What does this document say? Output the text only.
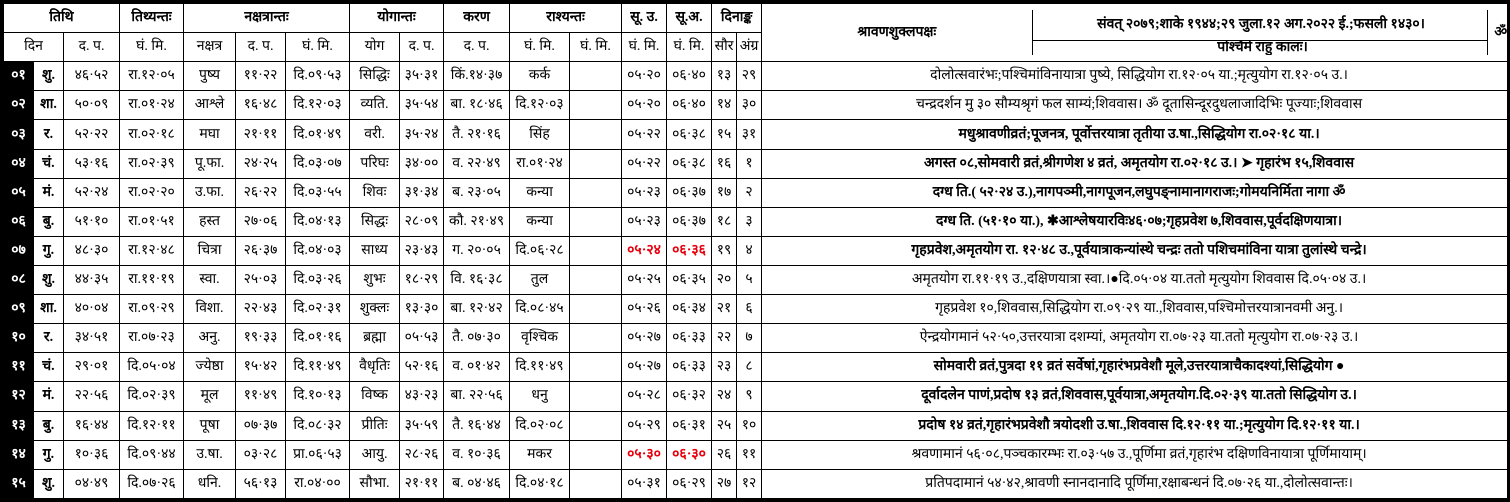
तिथि	तिथ्यन्तः	नक्षत्रान्तः	योगान्तः	करण	राश्यन्तः	सू. उ.	सू.अ.	दिनाङ्क	
श्रावणशुक्लपक्षः	संवत् २०७९;शाके १९४४;२९ जुला.१२ अग.२०२२ ई.;फसली १४३०।	ॐ
पश्चिमे राहु कालः।

दिन	द. प.	घं. मि.	नक्षत्र	द. प.	घं. मि.	योग	द. प.	द. प.	घं. मि.	घं. मि.	घं. मि.	घं. मि.	सौर	अंग्र
०१	शु.	४६·५२	रा.१२·०५	पुष्य	११·२२	दि.०९·५३	सिद्धिः	३५·३१	किं.१४·३७	कर्क		०५·२०	०६·४०	१३	२९	दोलोत्सवारंभः;पश्चिमांविनायात्रा पुष्ये, सिद्धियोग रा.१२·०५ या.;मृत्युयोग रा.१२·०५ उ.।
०२	शा.	५०·०९	रा.०१·२४	आश्ले	१६·४८	दि.१२·०३	व्यति.	३५·५४	बा. १८·४६	दि.१२·०३		०५·२०	०६·४०	१४	३०	चन्द्रदर्शन मु ३० सौम्यश्रृगं फल साम्यं;शिववास। ॐ दूतासिन्दूरदुधलाजादिभिः पूज्याः;शिववास
०३	र.	५२·२२	रा.०२·१८	मघा	२१·११	दि.०१·४९	वरी.	३५·२४	तै. २१·१६	सिंह		०५·२२	०६·३८	१५	३१	मधुश्रावणीव्रतं;पूजनत्र, पूर्वोत्तरयात्रा तृतीया उ.षा.,सिद्धियोग रा.०२·१८ या.।
०४	चं.	५३·१६	रा.०२·३९	पू.फा.	२४·२५	दि.०३·०७	परिघः	३४·००	व. २२·४९	रा.०१·२४		०५·२२	०६·३८	१६	१	अगस्त ०८,सोमवारी व्रतं,श्रीगणेश ४ व्रतं, अमृतयोग रा.०२·१८ उ.। ➤ गृहारंभ १५,शिववास
०५	मं.	५२·२४	रा.०२·२०	उ.फा.	२६·२२	दि.०३·५५	शिवः	३१·३४	ब. २३·०५	कन्या		०५·२३	०६·३७	१७	२	दग्ध ति.( ५२·२४ उ.),नागपञ्मी,नागपूजन,लघुपङ्नामानागराजः;गोमयनिर्मिता नागा ॐ
०६	बु.	५१·१०	रा.०१·५१	हस्त	२७·०६	दि.०४·१३	सिद्धः	२८·०९	कौ. २१·४९	कन्या		०५·२३	०६·३७	१८	३	दग्ध ति. (५१·१० या.), ✱आश्लेषयारविः४६·०७;गृहप्रवेश ७,शिववास,पूर्वदक्षिणयात्रा।
०७	गु.	४८·३०	रा.१२·४८	चित्रा	२६·३७	दि.०४·०३	साध्य	२३·४३	ग. २०·०५	दि.०६·२८		०५·२४	०६·३६	१९	४	गृहप्रवेश,अमृतयोग रा. १२·४८ उ.,पूर्वयात्राकन्यांस्थे चन्द्रः ततो पशिचमांविना यात्रा तुलांस्थे चन्द्रे।
०८	शु.	४४·३५	रा.११·१९	स्वा.	२५·०३	दि.०३·२६	शुभः	१८·२९	वि. १६·३८	तुल		०५·२५	०६·३५	२०	५	अमृतयोग रा.११·१९ उ.,दक्षिणयात्रा स्वा.।●दि.०५·०४ या.ततो मृत्युयोग शिववास दि.०५·०४ उ.।
०९	शा.	४०·०४	रा.०९·२९	विशा.	२२·४३	दि.०२·३१	शुक्लः	१३·३०	बा. १२·४२	दि.०८·४५		०५·२६	०६·३४	२१	६	गृहप्रवेश १०,शिववास,सिद्धियोग रा.०९·२९ या.,शिववास,पश्चिमोत्तरयात्रानवमी अनु.।
१०	र.	३४·५१	रा.०७·२३	अनु.	१९·३३	दि.०१·१६	ब्रह्मा	०५·५३	तै. ०७·३०	वृश्चिक		०५·२७	०६·३३	२२	७	ऐन्द्रयोगमानं ५२·५०,उत्तरयात्रा दशम्यां, अमृतयोग रा.०७·२३ या.ततो मृत्युयोग रा.०७·२३ उ.।
११	चं.	२९·०१	दि.०५·०४	ज्येष्ठा	१५·४२	दि.११·४९	वैधृतिः	५२·१६	व. ०१·४२	दि.११·४९		०५·२७	०६·३३	२३	८	सोमवारी व्रतं,पुत्रदा ११ व्रतं सर्वेषां,गृहारंभप्रवेशौ मूले,उत्तरयात्राचैकादश्यां,सिद्धियोग ●
१२	मं.	२२·५६	दि.०२·३९	मूल	११·४९	दि.१०·१३	विष्क	४३·२३	बा. २२·५६	धनु		०५·२८	०६·३२	२४	९	दूर्वादलेन पाणं,प्रदोष १३ व्रतं,शिववास,पूर्वयात्रा,अमृतयोग.दि.०२·३९ या.ततो सिद्धियोग उ.।
१३	बु.	१६·४४	दि.१२·११	पूषा	०७·३७	दि.०८·३२	प्रीतिः	३५·५९	तै. १६·४४	दि.०२·०८		०५·२९	०६·३१	२५	१०	प्रदोष १४ व्रतं,गृहारंभप्रवेशौ त्रयोदशी उ.षा.,शिववास दि.१२·११ या.;मृत्युयोग दि.१२·११ या.।
१४	गु.	१०·३६	दि.०९·४४	उ.षा.	०३·२८	प्रा.०६·५३	आयु.	२८·२६	व. १०·३६	मकर		०५·३०	०६·३०	२६	११	श्रवणामानं ५६·०८,पञ्चकारम्भः रा.०३·५७ उ.,पूर्णिमा व्रतं,गृहारंभ दक्षिणविनायात्रा पूर्णिमायाम्।
१५	शु.	०४·४९	दि.०७·२६	धनि.	५६·१३	रा.०४·००	सौभा.	२१·११	ब. ०४·४६	दि.०४·१८		०५·३१	०६·२९	२७	१२	प्रतिपदामानं ५४·४२,श्रावणी स्नानदानादि पूर्णिमा,रक्षाबन्धनं दि.०७·२६ या.,दोलोत्सवान्तः।
